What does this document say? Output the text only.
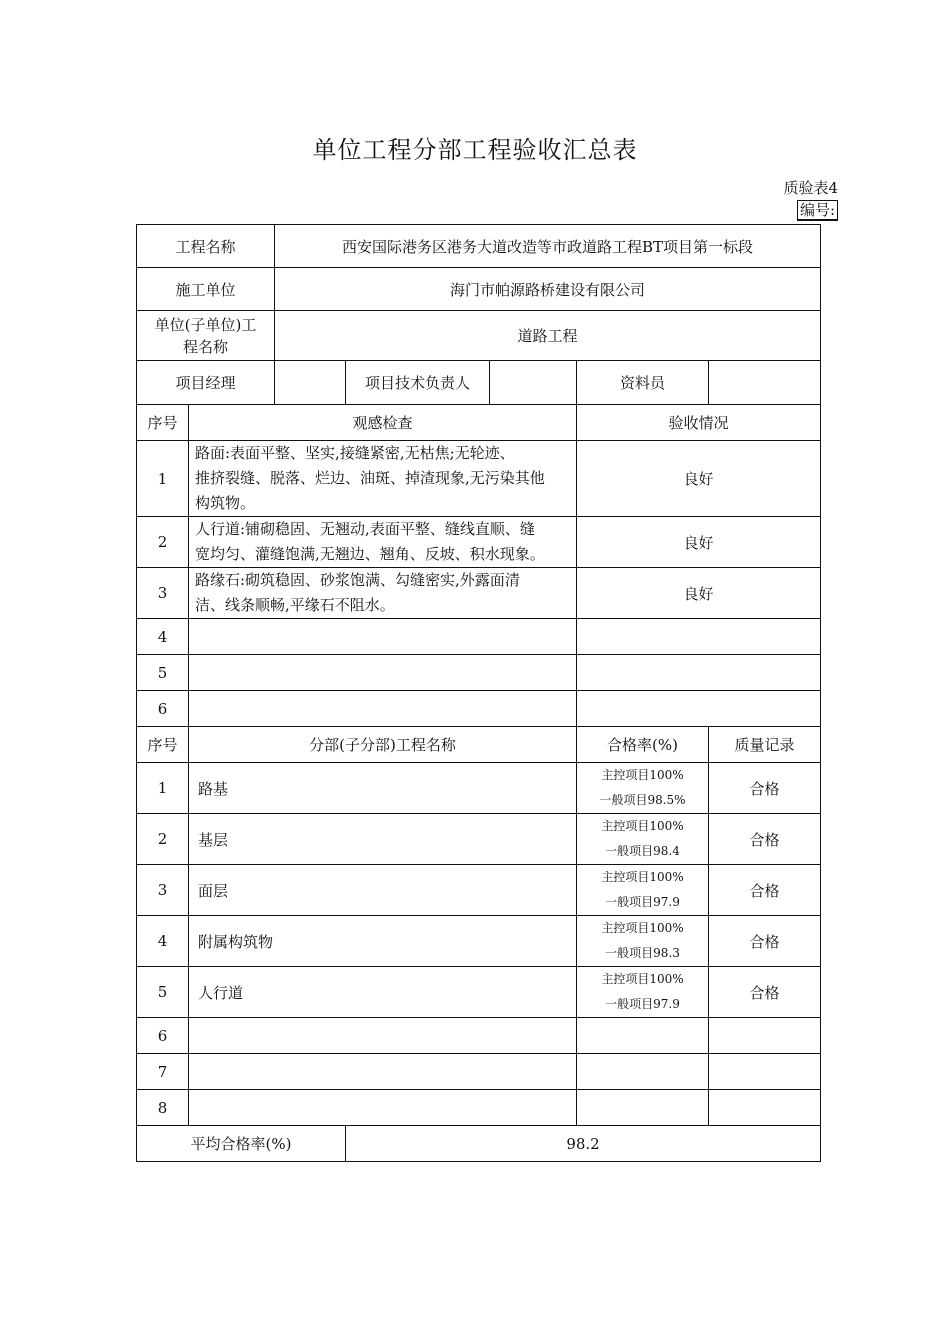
单位工程分部工程验收汇总表
质验表4
编号:
工程名称		西安国际港务区港务大道改造等市政道路工程BT项目第一标段				
施工单位		海门市帕源路桥建设有限公司				

单位(子单位)工
程名称		道路工程				
项目经理			项目技术负责人		资料员	
序号	观感检查				验收情况	
1	路面:表面平整、坚实,接缝紧密,无枯焦;无轮迹、
推挤裂缝、脱落、烂边、油斑、掉渣现象,无污染其他
构筑物。				良好	
2	人行道:铺砌稳固、无翘动,表面平整、缝线直顺、缝
宽均匀、灌缝饱满,无翘边、翘角、反坡、积水现象。				良好	
3	路缘石:砌筑稳固、砂浆饱满、勾缝密实,外露面清
洁、线条顺畅,平缘石不阻水。				良好	
4						
5						
6						
序号	分部(子分部)工程名称				合格率(%)	质量记录
1	路基				主控项目100%
一般项目98.5%	合格
2	基层				主控项目100%
一般项目98.4	合格
3	面层				主控项目100%
一般项目97.9	合格
4	附属构筑物				主控项目100%
一般项目98.3	合格
5	人行道				主控项目100%
一般项目97.9	合格
6						
7						
8						
平均合格率(%)			98.2			
